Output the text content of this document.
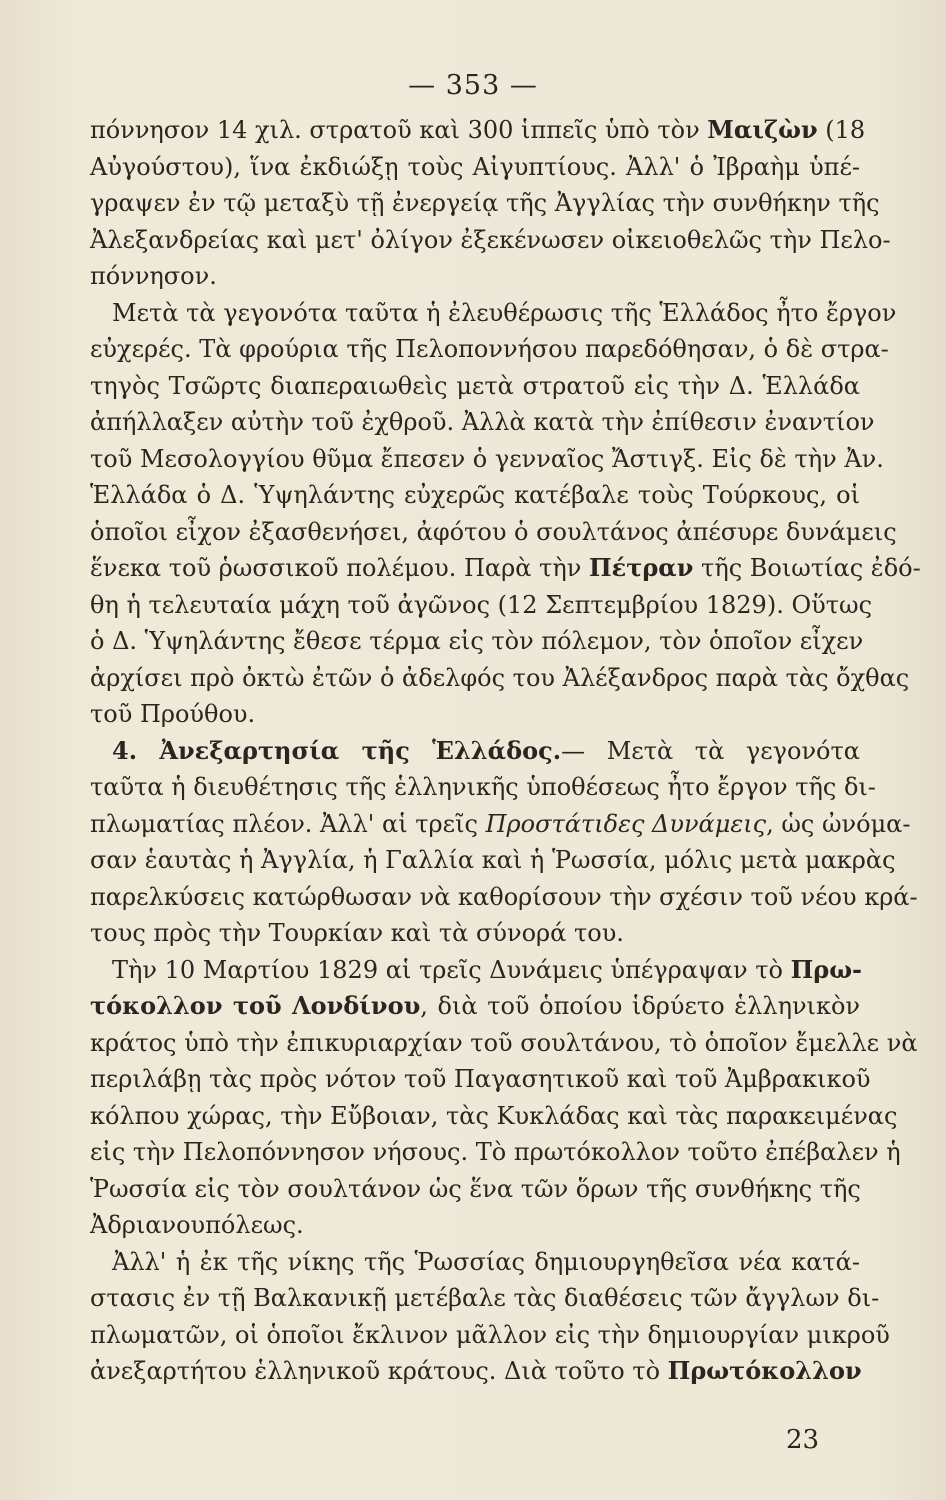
— 353 —
πόννησον 14 χιλ. στρατοῦ καὶ 300 ἱππεῖς ὑπὸ τὸν Μαιζὼν (18
Αὐγούστου), ἵνα ἐκδιώξῃ τοὺς Αἰγυπτίους. Ἀλλ' ὁ Ἰβραὴμ ὑπέ-
γραψεν ἐν τῷ μεταξὺ τῇ ἐνεργείᾳ τῆς Ἀγγλίας τὴν συνθήκην τῆς
Ἀλεξανδρείας καὶ μετ' ὀλίγον ἐξεκένωσεν οἰκειοθελῶς τὴν Πελο-
πόννησον.
Μετὰ τὰ γεγονότα ταῦτα ἡ ἐλευθέρωσις τῆς Ἑλλάδος ἦτο ἔργον
εὐχερές. Τὰ φρούρια τῆς Πελοποννήσου παρεδόθησαν, ὁ δὲ στρα-
τηγὸς Τσῶρτς διαπεραιωθεὶς μετὰ στρατοῦ εἰς τὴν Δ. Ἑλλάδα
ἀπήλλαξεν αὐτὴν τοῦ ἐχθροῦ. Ἀλλὰ κατὰ τὴν ἐπίθεσιν ἐναντίον
τοῦ Μεσολογγίου θῦμα ἔπεσεν ὁ γενναῖος Ἄστιγξ. Εἰς δὲ τὴν Ἀν.
Ἑλλάδα ὁ Δ. Ὑψηλάντης εὐχερῶς κατέβαλε τοὺς Τούρκους, οἱ
ὁποῖοι εἶχον ἐξασθενήσει, ἀφότου ὁ σουλτάνος ἀπέσυρε δυνάμεις
ἕνεκα τοῦ ῥωσσικοῦ πολέμου. Παρὰ τὴν Πέτραν τῆς Βοιωτίας ἐδό-
θη ἡ τελευταία μάχη τοῦ ἀγῶνος (12 Σεπτεμβρίου 1829). Οὕτως
ὁ Δ. Ὑψηλάντης ἔθεσε τέρμα εἰς τὸν πόλεμον, τὸν ὁποῖον εἶχεν
ἀρχίσει πρὸ ὀκτὼ ἐτῶν ὁ ἀδελφός του Ἀλέξανδρος παρὰ τὰς ὄχθας
τοῦ Προύθου.
4. Ἀνεξαρτησία τῆς Ἑλλάδος.— Μετὰ τὰ γεγονότα
ταῦτα ἡ διευθέτησις τῆς ἑλληνικῆς ὑποθέσεως ἦτο ἔργον τῆς δι-
πλωματίας πλέον. Ἀλλ' αἱ τρεῖς Προστάτιδες Δυνάμεις, ὡς ὠνόμα-
σαν ἑαυτὰς ἡ Ἀγγλία, ἡ Γαλλία καὶ ἡ Ῥωσσία, μόλις μετὰ μακρὰς
παρελκύσεις κατώρθωσαν νὰ καθορίσουν τὴν σχέσιν τοῦ νέου κρά-
τους πρὸς τὴν Τουρκίαν καὶ τὰ σύνορά του.
Τὴν 10 Μαρτίου 1829 αἱ τρεῖς Δυνάμεις ὑπέγραψαν τὸ Πρω-
τόκολλον τοῦ Λονδίνου, διὰ τοῦ ὁποίου ἱδρύετο ἑλληνικὸν
κράτος ὑπὸ τὴν ἐπικυριαρχίαν τοῦ σουλτάνου, τὸ ὁποῖον ἔμελλε νὰ
περιλάβῃ τὰς πρὸς νότον τοῦ Παγασητικοῦ καὶ τοῦ Ἀμβρακικοῦ
κόλπου χώρας, τὴν Εὔβοιαν, τὰς Κυκλάδας καὶ τὰς παρακειμένας
εἰς τὴν Πελοπόννησον νήσους. Τὸ πρωτόκολλον τοῦτο ἐπέβαλεν ἡ
Ῥωσσία εἰς τὸν σουλτάνον ὡς ἕνα τῶν ὅρων τῆς συνθήκης τῆς
Ἀδριανουπόλεως.
Ἀλλ' ἡ ἐκ τῆς νίκης τῆς Ῥωσσίας δημιουργηθεῖσα νέα κατά-
στασις ἐν τῇ Βαλκανικῇ μετέβαλε τὰς διαθέσεις τῶν ἄγγλων δι-
πλωματῶν, οἱ ὁποῖοι ἔκλινον μᾶλλον εἰς τὴν δημιουργίαν μικροῦ
ἀνεξαρτήτου ἑλληνικοῦ κράτους. Διὰ τοῦτο τὸ Πρωτόκολλον
23
